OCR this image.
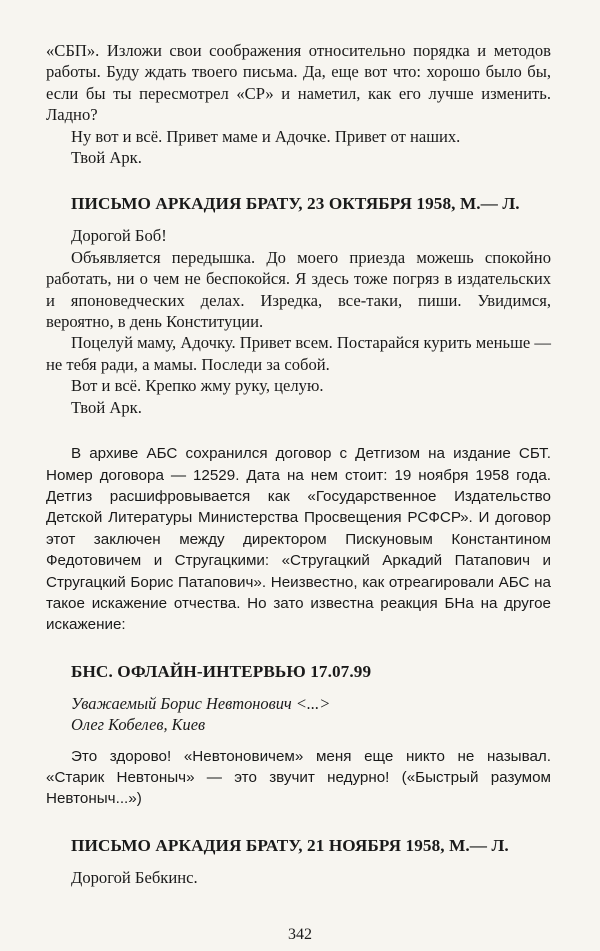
«СБП». Изложи свои соображения относительно порядка и методов работы. Буду ждать твоего письма. Да, еще вот что: хорошо было бы, если бы ты пересмотрел «СР» и наметил, как его лучше изменить. Ладно?

Ну вот и всё. Привет маме и Адочке. Привет от наших.

Твой Арк.

ПИСЬМО АРКАДИЯ БРАТУ, 23 ОКТЯБРЯ 1958, М.— Л.

Дорогой Боб!

Объявляется передышка. До моего приезда можешь спокойно работать, ни о чем не беспокойся. Я здесь тоже погряз в издательских и японоведческих делах. Изредка, все-таки, пиши. Увидимся, вероятно, в день Конституции.

Поцелуй маму, Адочку. Привет всем. Постарайся курить меньше — не тебя ради, а мамы. Последи за собой.

Вот и всё. Крепко жму руку, целую.

Твой Арк.

В архиве АБС сохранился договор с Детгизом на издание СБТ. Номер договора — 12529. Дата на нем стоит: 19 ноября 1958 года. Детгиз расшифровывается как «Государственное Издательство Детской Литературы Министерства Просвещения РСФСР». И договор этот заключен между директором Пискуновым Константином Федотовичем и Стругацкими: «Стругацкий Аркадий Патапович и Стругацкий Борис Патапович». Неизвестно, как отреагировали АБС на такое искажение отчества. Но зато известна реакция БНа на другое искажение:

БНС. ОФЛАЙН-ИНТЕРВЬЮ 17.07.99

Уважаемый Борис Невтонович <...>

Олег Кобелев, Киев

Это здорово! «Невтоновичем» меня еще никто не называл. «Старик Невтоныч» — это звучит недурно! («Быстрый разумом Невтоныч...»)

ПИСЬМО АРКАДИЯ БРАТУ, 21 НОЯБРЯ 1958, М.— Л.

Дорогой Бебкинс.

342
